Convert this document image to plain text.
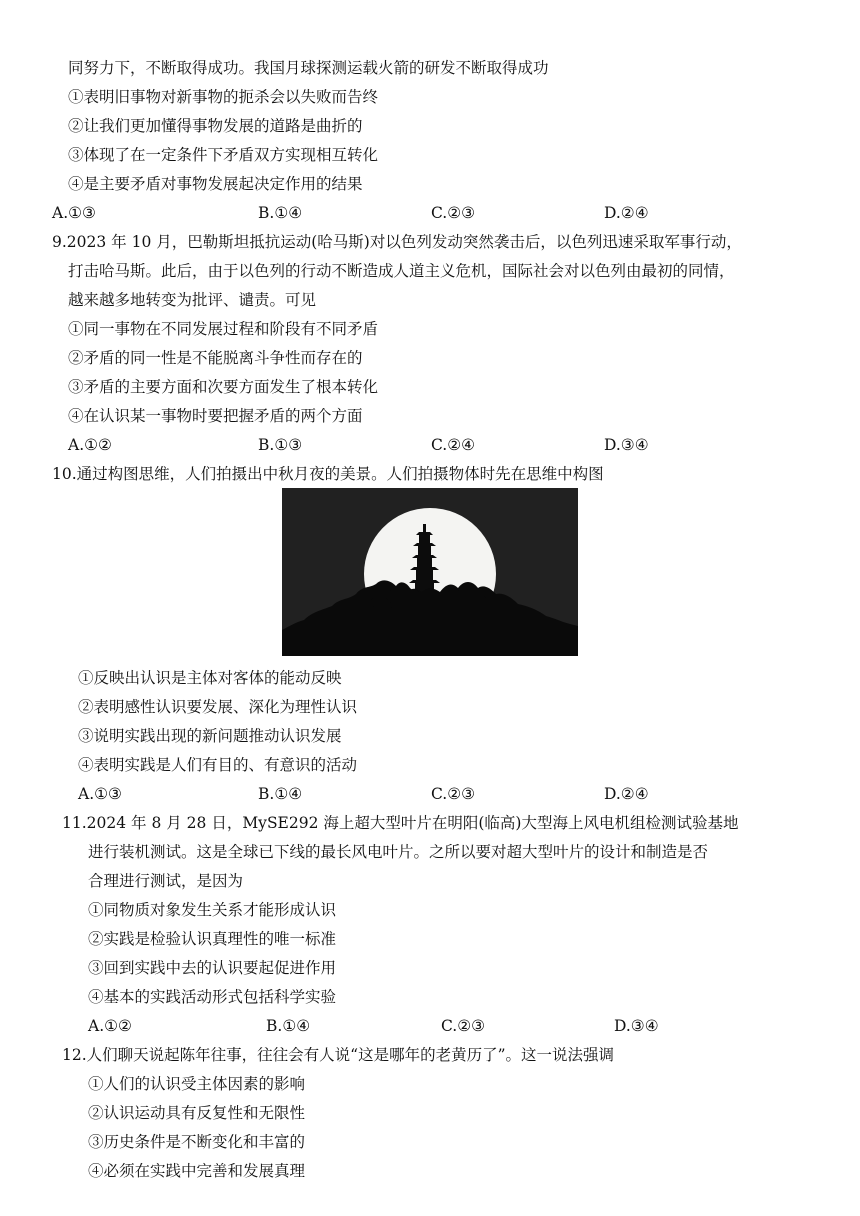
同努力下，不断取得成功。我国月球探测运载火箭的研发不断取得成功
①表明旧事物对新事物的扼杀会以失败而告终
②让我们更加懂得事物发展的道路是曲折的
③体现了在一定条件下矛盾双方实现相互转化
④是主要矛盾对事物发展起决定作用的结果
A.①③	B.①④	C.②③	D.②④
9.2023 年 10 月，巴勒斯坦抵抗运动(哈马斯)对以色列发动突然袭击后，以色列迅速采取军事行动，
打击哈马斯。此后，由于以色列的行动不断造成人道主义危机，国际社会对以色列由最初的同情，
越来越多地转变为批评、谴责。可见
①同一事物在不同发展过程和阶段有不同矛盾
②矛盾的同一性是不能脱离斗争性而存在的
③矛盾的主要方面和次要方面发生了根本转化
④在认识某一事物时要把握矛盾的两个方面
A.①②	B.①③	C.②④	D.③④
10.通过构图思维，人们拍摄出中秋月夜的美景。人们拍摄物体时先在思维中构图
①反映出认识是主体对客体的能动反映
②表明感性认识要发展、深化为理性认识
③说明实践出现的新问题推动认识发展
④表明实践是人们有目的、有意识的活动
A.①③	B.①④	C.②③	D.②④
11.2024 年 8 月 28 日，MySE292 海上超大型叶片在明阳(临高)大型海上风电机组检测试验基地
进行装机测试。这是全球已下线的最长风电叶片。之所以要对超大型叶片的设计和制造是否
合理进行测试，是因为
①同物质对象发生关系才能形成认识
②实践是检验认识真理性的唯一标准
③回到实践中去的认识要起促进作用
④基本的实践活动形式包括科学实验
A.①②	B.①④	C.②③	D.③④
12.人们聊天说起陈年往事，往往会有人说“这是哪年的老黄历了”。这一说法强调
①人们的认识受主体因素的影响
②认识运动具有反复性和无限性
③历史条件是不断变化和丰富的
④必须在实践中完善和发展真理
